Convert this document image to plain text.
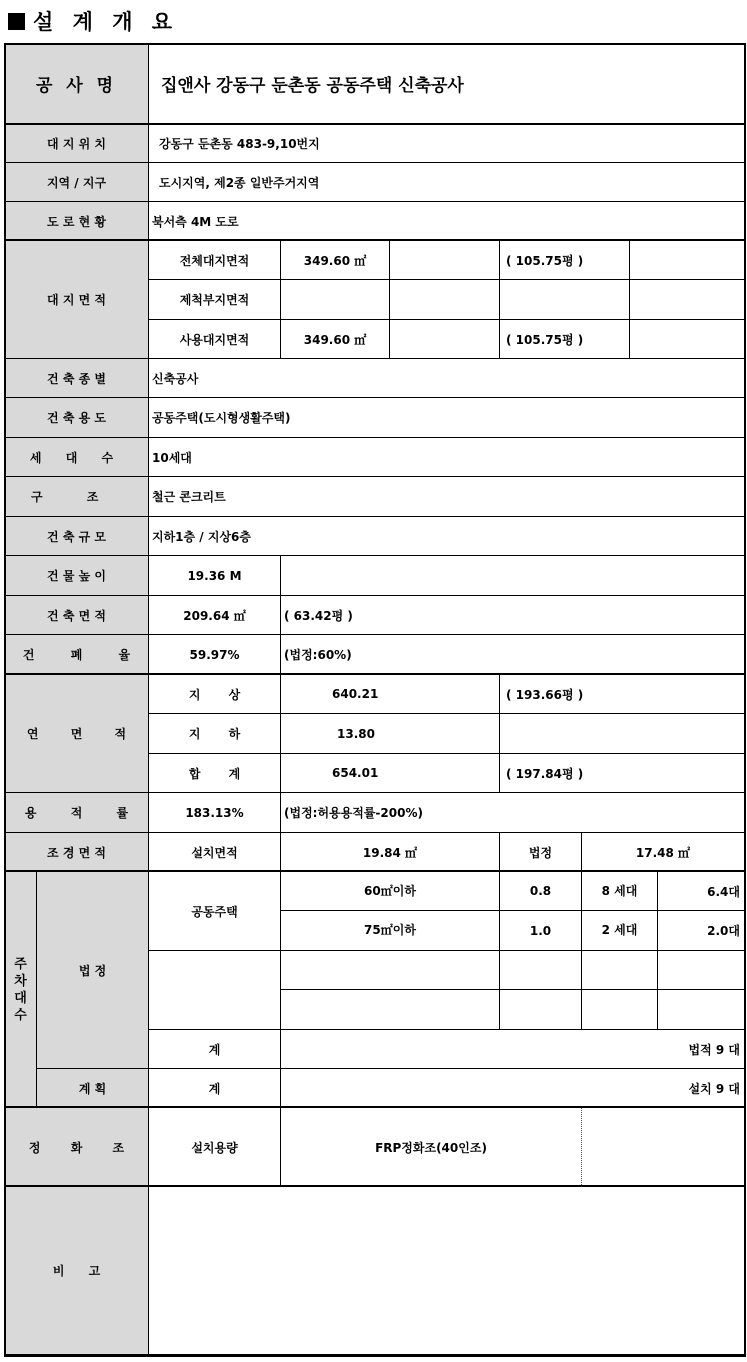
설 계 개 요
공 사 명	집앤사 강동구 둔촌동 공동주택 신축공사
대 지 위 치	강동구 둔촌동 483-9,10번지
지역 / 지구	도시지역, 제2종 일반주거지역
도 로 현 황	북서측 4M 도로
대 지 면 적
전체대지면적	349.60 ㎡	( 105.75평 )
제척부지면적
사용대지면적	349.60 ㎡	( 105.75평 )
건 축 종 별	신축공사
건 축 용 도	공동주택(도시형생활주택)
세 대 수	10세대
구 조	철근 콘크리트
건 축 규 모	지하1층 / 지상6층
건 물 높 이	19.36 M
건 축 면 적	209.64 ㎡	( 63.42평 )
건 폐 율	59.97%	(법정:60%)
연 면 적
지 상	640.21	( 193.66평 )
지 하	13.80
합 계	654.01	( 197.84평 )
용 적 률	183.13%	(법정:허용용적률-200%)
조 경 면 적	설치면적	19.84 ㎡	법정	17.48 ㎡
주
차
대
수
법 정
공동주택
60㎡이하	0.8	8 세대	6.4대
75㎡이하	1.0	2 세대	2.0대
계	법적 9 대
계 획	계	설치 9 대
정 화 조	설치용량	FRP정화조(40인조)
비 고
